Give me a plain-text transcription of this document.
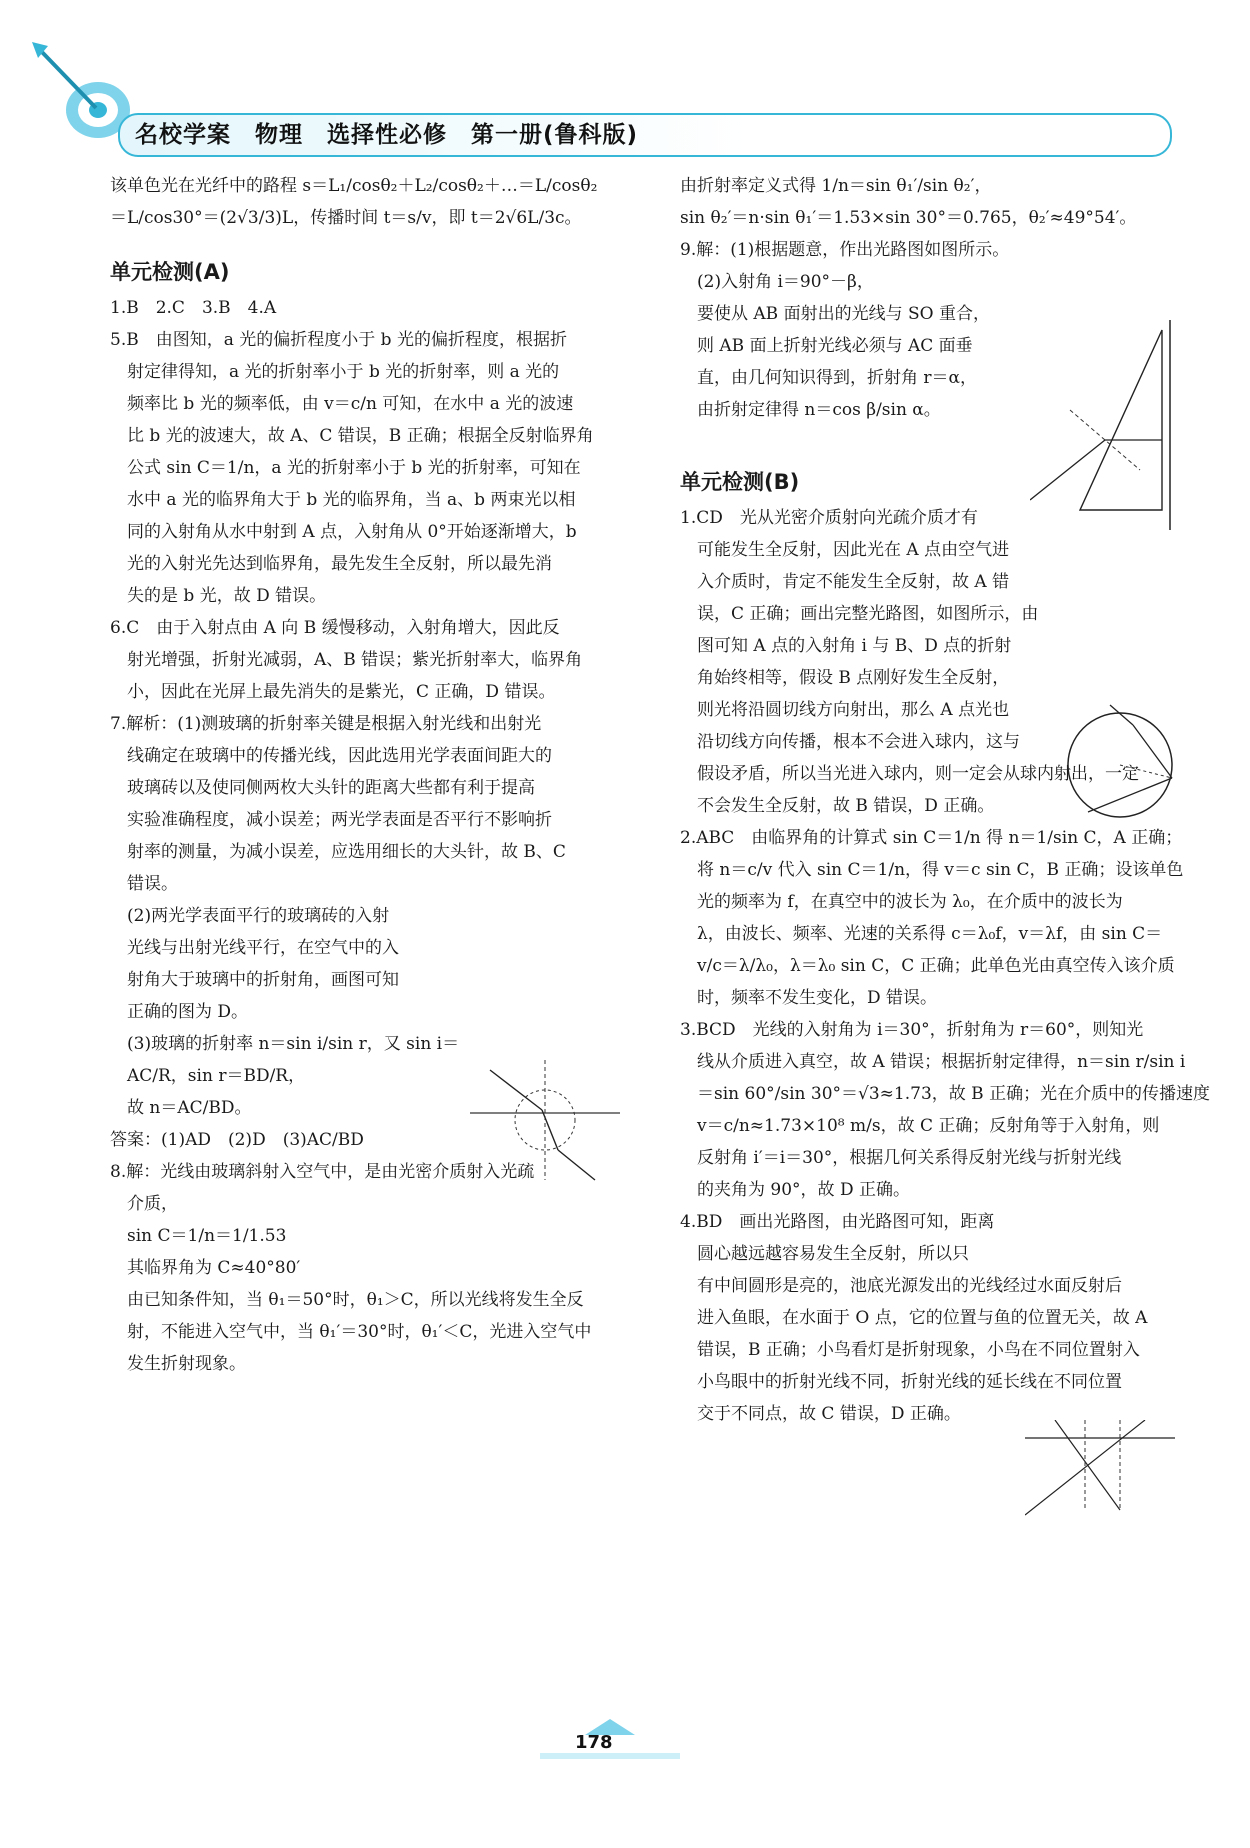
名校学案　物理　选择性必修　第一册(鲁科版)
该单色光在光纤中的路程 s＝L₁/cosθ₂＋L₂/cosθ₂＋…＝L/cosθ₂
＝L/cos30°＝(2√3/3)L，传播时间 t＝s/v，即 t＝2√6L/3c。
单元检测(A)
1.B　2.C　3.B　4.A
5.B　由图知，a 光的偏折程度小于 b 光的偏折程度，根据折
　射定律得知，a 光的折射率小于 b 光的折射率，则 a 光的
　频率比 b 光的频率低，由 v＝c/n 可知，在水中 a 光的波速
　比 b 光的波速大，故 A、C 错误，B 正确；根据全反射临界角
　公式 sin C＝1/n，a 光的折射率小于 b 光的折射率，可知在
　水中 a 光的临界角大于 b 光的临界角，当 a、b 两束光以相
　同的入射角从水中射到 A 点，入射角从 0°开始逐渐增大，b
　光的入射光先达到临界角，最先发生全反射，所以最先消
　失的是 b 光，故 D 错误。
6.C　由于入射点由 A 向 B 缓慢移动，入射角增大，因此反
　射光增强，折射光减弱，A、B 错误；紫光折射率大，临界角
　小，因此在光屏上最先消失的是紫光，C 正确，D 错误。
7.解析：(1)测玻璃的折射率关键是根据入射光线和出射光
　线确定在玻璃中的传播光线，因此选用光学表面间距大的
　玻璃砖以及使同侧两枚大头针的距离大些都有利于提高
　实验准确程度，减小误差；两光学表面是否平行不影响折
　射率的测量，为减小误差，应选用细长的大头针，故 B、C
　错误。
　(2)两光学表面平行的玻璃砖的入射
　光线与出射光线平行，在空气中的入
　射角大于玻璃中的折射角，画图可知
　正确的图为 D。
　(3)玻璃的折射率 n＝sin i/sin r，又 sin i＝
　AC/R，sin r＝BD/R，
　故 n＝AC/BD。
答案：(1)AD　(2)D　(3)AC/BD
8.解：光线由玻璃斜射入空气中，是由光密介质射入光疏
　介质，
　sin C＝1/n＝1/1.53
　其临界角为 C≈40°80′
　由已知条件知，当 θ₁＝50°时，θ₁＞C，所以光线将发生全反
　射，不能进入空气中，当 θ₁′＝30°时，θ₁′＜C，光进入空气中
　发生折射现象。
由折射率定义式得 1/n＝sin θ₁′/sin θ₂′，
sin θ₂′＝n·sin θ₁′＝1.53×sin 30°＝0.765，θ₂′≈49°54′。
9.解：(1)根据题意，作出光路图如图所示。
　(2)入射角 i＝90°－β，
　要使从 AB 面射出的光线与 SO 重合，
　则 AB 面上折射光线必须与 AC 面垂
　直，由几何知识得到，折射角 r＝α，
　由折射定律得 n＝cos β/sin α。
单元检测(B)
1.CD　光从光密介质射向光疏介质才有
　可能发生全反射，因此光在 A 点由空气进
　入介质时，肯定不能发生全反射，故 A 错
　误，C 正确；画出完整光路图，如图所示，由
　图可知 A 点的入射角 i 与 B、D 点的折射
　角始终相等，假设 B 点刚好发生全反射，
　则光将沿圆切线方向射出，那么 A 点光也
　沿切线方向传播，根本不会进入球内，这与
　假设矛盾，所以当光进入球内，则一定会从球内射出，一定
　不会发生全反射，故 B 错误，D 正确。
2.ABC　由临界角的计算式 sin C＝1/n 得 n＝1/sin C，A 正确；
　将 n＝c/v 代入 sin C＝1/n，得 v＝c sin C，B 正确；设该单色
　光的频率为 f，在真空中的波长为 λ₀，在介质中的波长为
　λ，由波长、频率、光速的关系得 c＝λ₀f，v＝λf，由 sin C＝
　v/c＝λ/λ₀，λ＝λ₀ sin C，C 正确；此单色光由真空传入该介质
　时，频率不发生变化，D 错误。
3.BCD　光线的入射角为 i＝30°，折射角为 r＝60°，则知光
　线从介质进入真空，故 A 错误；根据折射定律得，n＝sin r/sin i
　＝sin 60°/sin 30°＝√3≈1.73，故 B 正确；光在介质中的传播速度
　v＝c/n≈1.73×10⁸ m/s，故 C 正确；反射角等于入射角，则
　反射角 i′＝i＝30°，根据几何关系得反射光线与折射光线
　的夹角为 90°，故 D 正确。
4.BD　画出光路图，由光路图可知，距离
　圆心越远越容易发生全反射，所以只
　有中间圆形是亮的，池底光源发出的光线经过水面反射后
　进入鱼眼，在水面于 O 点，它的位置与鱼的位置无关，故 A
　错误，B 正确；小鸟看灯是折射现象，小鸟在不同位置射入
　小鸟眼中的折射光线不同，折射光线的延长线在不同位置
　交于不同点，故 C 错误，D 正确。
178
